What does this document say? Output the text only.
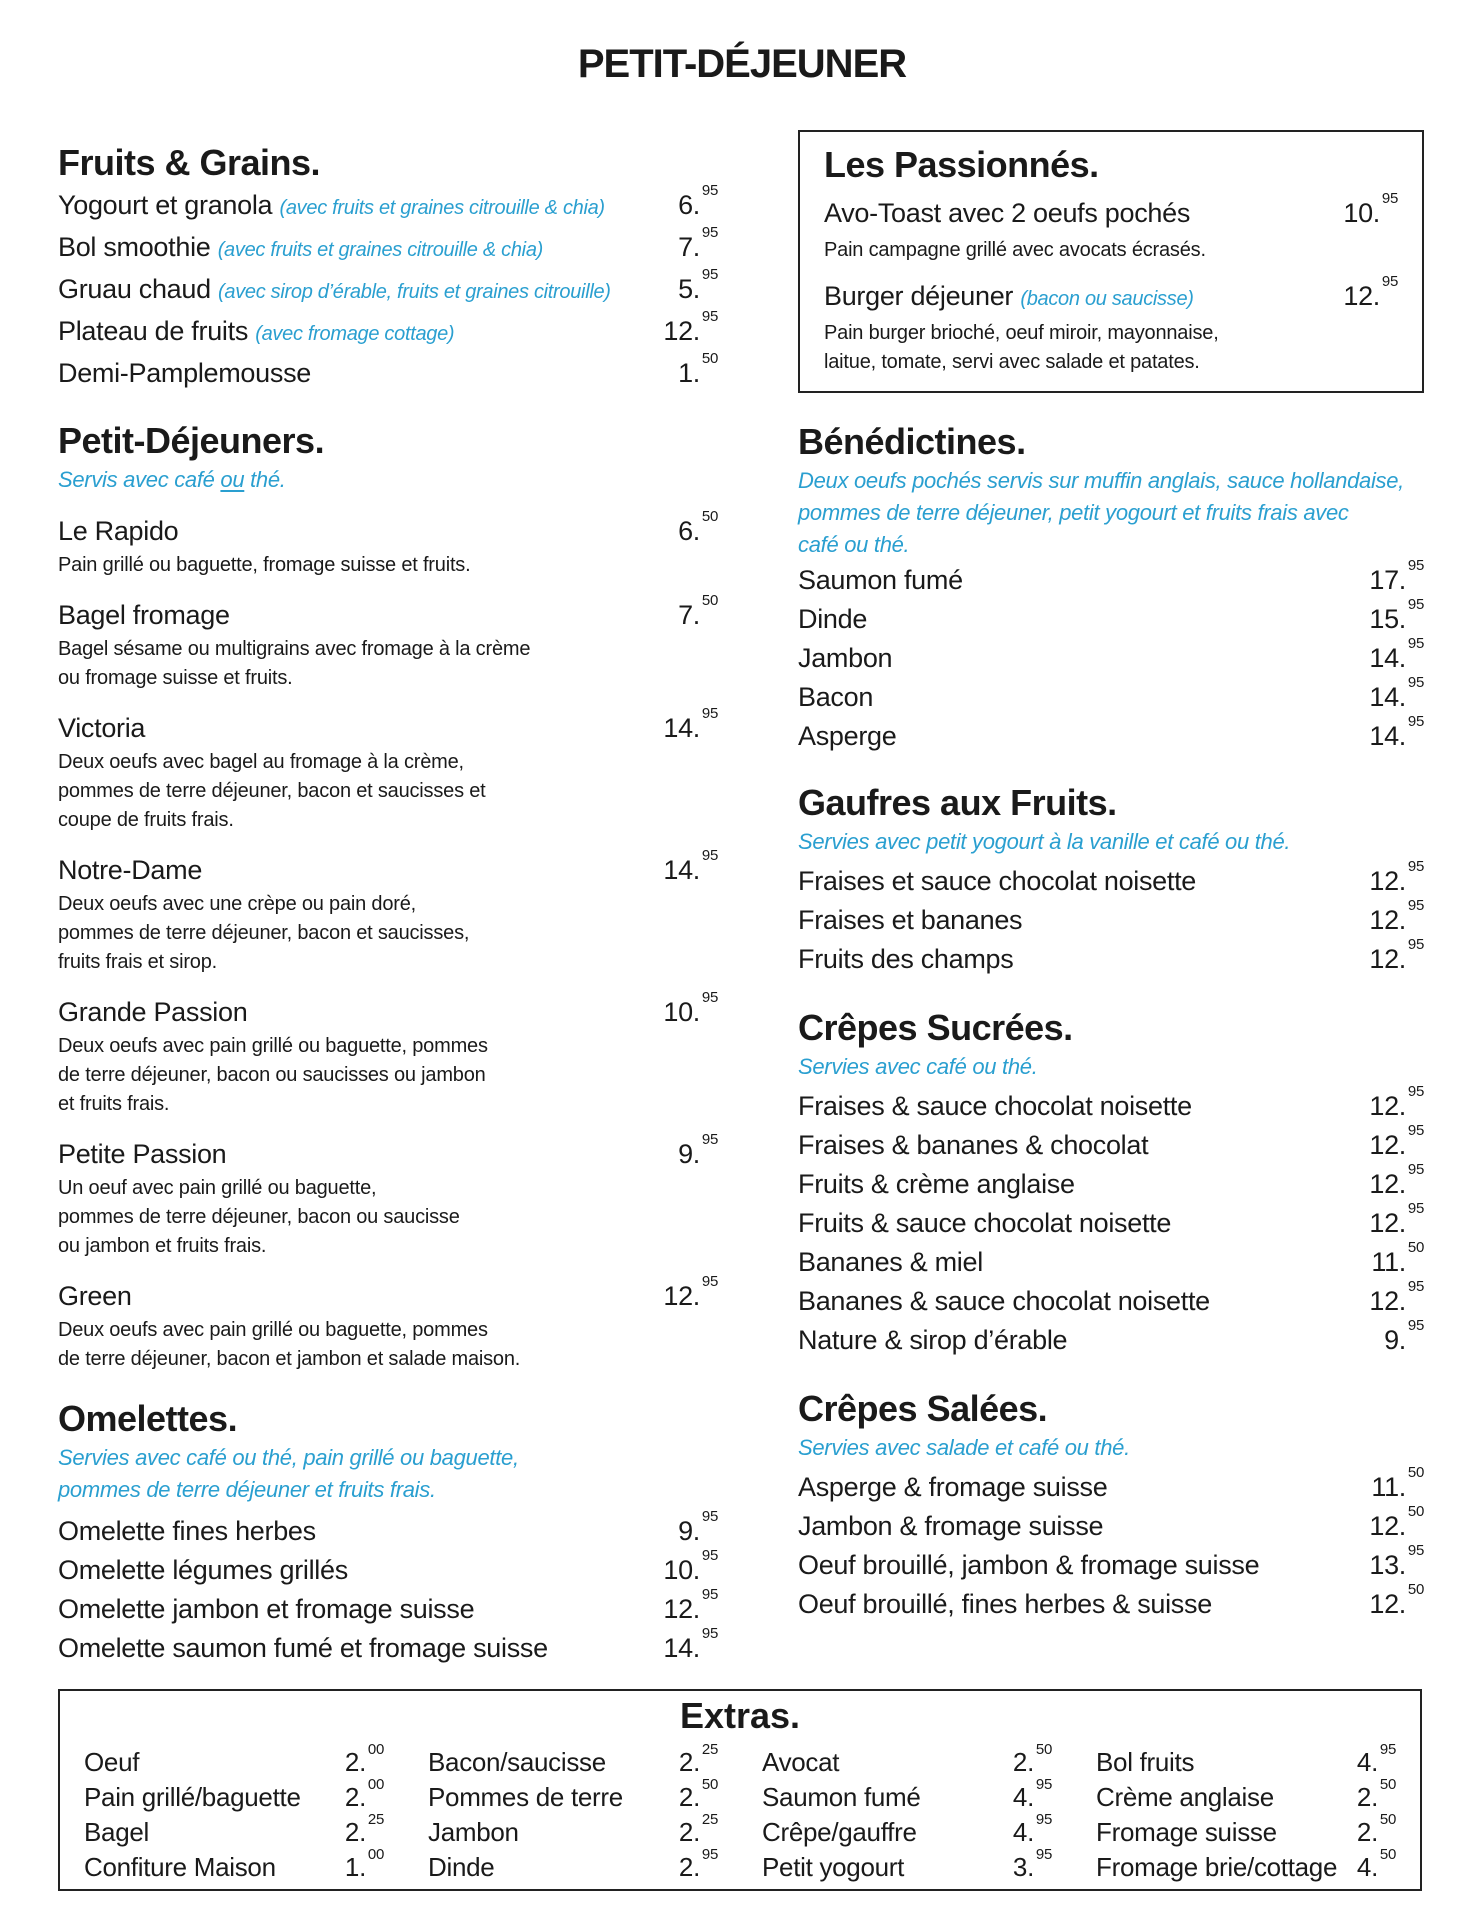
PETIT-DÉJEUNER
Fruits & Grains.
Yogourt et granola (avec fruits et graines citrouille & chia)	6. 95
Bol smoothie (avec fruits et graines citrouille & chia)	7. 95
Gruau chaud (avec sirop d’érable, fruits et graines citrouille) 5. 95
Plateau de fruits (avec fromage cottage)	12. 95
Demi-Pamplemousse	1. 50
Petit-Déjeuners.

Servis avec café ou thé.

Le Rapido	6. 50

Pain grillé ou baguette, fromage suisse et fruits.

Bagel fromage	7. 50

Bagel sésame ou multigrains avec fromage à la crème
ou fromage suisse et fruits.

Victoria	14. 95

Deux oeufs avec bagel au fromage à la crème,
pommes de terre déjeuner, bacon et saucisses et
coupe de fruits frais.

Notre-Dame	14. 95

Deux oeufs avec une crèpe ou pain doré,
pommes de terre déjeuner, bacon et saucisses,
fruits frais et sirop.

Grande Passion	10. 95

Deux oeufs avec pain grillé ou baguette, pommes
de terre déjeuner, bacon ou saucisses ou jambon
et fruits frais.

Petite Passion	9. 95

Un oeuf avec pain grillé ou baguette,
pommes de terre déjeuner, bacon ou saucisse
ou jambon et fruits frais.

Green	12. 95

Deux oeufs avec pain grillé ou baguette, pommes
de terre déjeuner, bacon et jambon et salade maison.

Omelettes.

Servies avec café ou thé, pain grillé ou baguette,

pommes de terre déjeuner et fruits frais.

Omelette fines herbes	9. 95
Omelette légumes grillés	10. 95
Omelette jambon et fromage suisse	12. 95
Omelette saumon fumé et fromage suisse	14. 95
Les Passionnés.
Avo-Toast avec 2 oeufs pochés	10. 95

Pain campagne grillé avec avocats écrasés.

Burger déjeuner (bacon ou saucisse)	12. 95

Pain burger brioché, oeuf miroir, mayonnaise,
laitue, tomate, servi avec salade et patates.

Bénédictines.

Deux oeufs pochés servis sur muffin anglais, sauce hollandaise,

pommes de terre déjeuner, petit yogourt et fruits frais avec

café ou thé.

Saumon fumé	17. 95
Dinde	15. 95
Jambon	14. 95
Bacon	14. 95
Asperge	14. 95
Gaufres aux Fruits.

Servies avec petit yogourt à la vanille et café ou thé.

Fraises et sauce chocolat noisette	12. 95
Fraises et bananes	12. 95
Fruits des champs	12. 95
Crêpes Sucrées.

Servies avec café ou thé.

Fraises & sauce chocolat noisette	12. 95
Fraises & bananes & chocolat	12. 95
Fruits & crème anglaise	12. 95
Fruits & sauce chocolat noisette	12. 95
Bananes & miel	11. 50
Bananes & sauce chocolat noisette	12. 95
Nature & sirop d’érable	9. 95
Crêpes Salées.

Servies avec salade et café ou thé.

Asperge & fromage suisse	11. 50
Jambon & fromage suisse	12. 50
Oeuf brouillé, jambon & fromage suisse	13. 95
Oeuf brouillé, fines herbes & suisse	12. 50
Extras.
Oeuf	2. 00
Pain grillé/baguette 2. 00
Bagel	2. 25
Confiture Maison	1. 00
Bacon/saucisse	2. 25
Pommes de terre 2. 50
Jambon	2. 25
Dinde	2. 95
Avocat	2. 50
Saumon fumé	4. 95
Crêpe/gauffre	4. 95
Petit yogourt	3. 95
Bol fruits	4. 95
Crème anglaise	2. 50
Fromage suisse	2. 50
Fromage brie/cottage 4. 50
